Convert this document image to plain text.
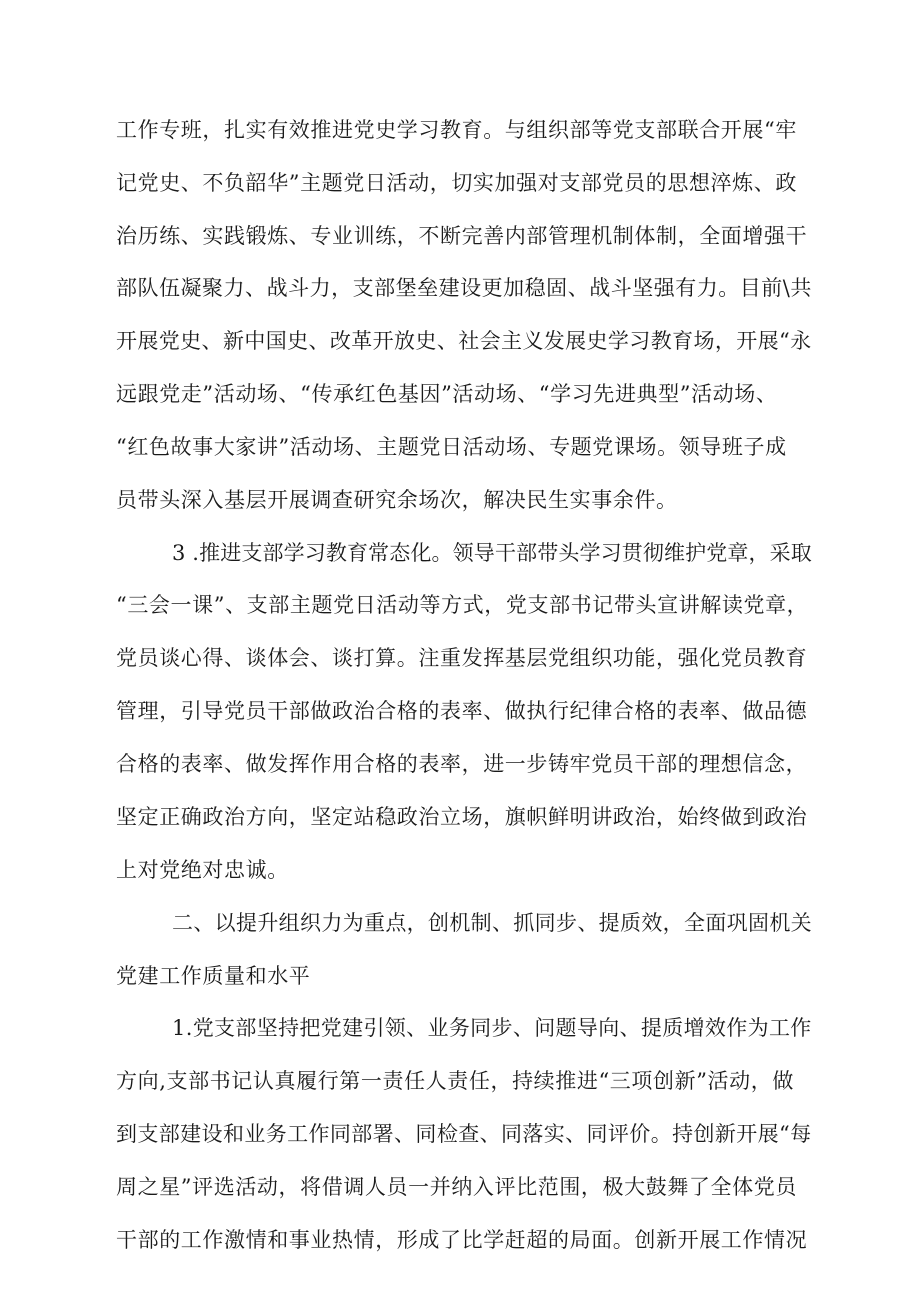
工作专班，扎实有效推进党史学习教育。与组织部等党支部联合开展“牢
记党史、不负韶华”主题党日活动，切实加强对支部党员的思想淬炼、政
治历练、实践锻炼、专业训练，不断完善内部管理机制体制，全面增强干
部队伍凝聚力、战斗力，支部堡垒建设更加稳固、战斗坚强有力。目前\共
开展党史、新中国史、改革开放史、社会主义发展史学习教育场，开展“永
远跟党走”活动场、“传承红色基因”活动场、“学习先进典型”活动场、
“红色故事大家讲”活动场、主题党日活动场、专题党课场。领导班子成
员带头深入基层开展调查研究余场次，解决民生实事余件。
3 .推进支部学习教育常态化。领导干部带头学习贯彻维护党章，采取
“三会一课”、支部主题党日活动等方式，党支部书记带头宣讲解读党章，
党员谈心得、谈体会、谈打算。注重发挥基层党组织功能，强化党员教育
管理，引导党员干部做政治合格的表率、做执行纪律合格的表率、做品德
合格的表率、做发挥作用合格的表率，进一步铸牢党员干部的理想信念，
坚定正确政治方向，坚定站稳政治立场，旗帜鲜明讲政治，始终做到政治
上对党绝对忠诚。
二、以提升组织力为重点，创机制、抓同步、提质效，全面巩固机关
党建工作质量和水平
1.党支部坚持把党建引领、业务同步、问题导向、提质增效作为工作
方向,支部书记认真履行第一责任人责任，持续推进“三项创新”活动，做
到支部建设和业务工作同部署、同检查、同落实、同评价。持创新开展“每
周之星”评选活动，将借调人员一并纳入评比范围，极大鼓舞了全体党员
干部的工作激情和事业热情，形成了比学赶超的局面。创新开展工作情况
